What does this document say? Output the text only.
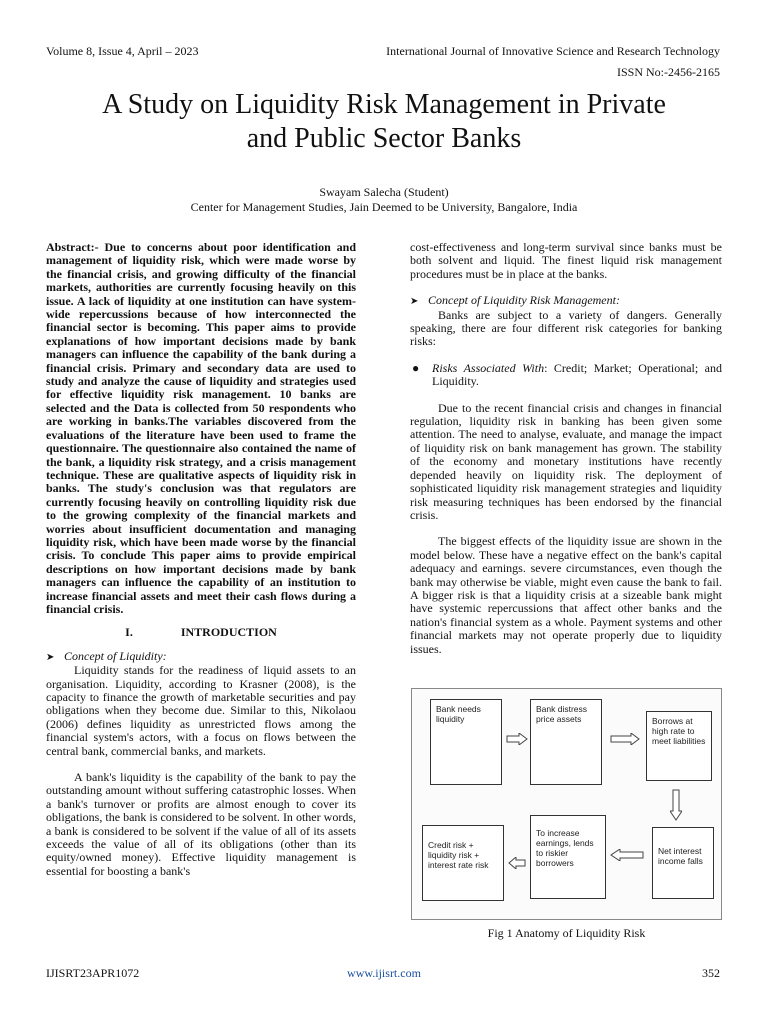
Volume 8, Issue 4, April – 2023	International Journal of Innovative Science and Research Technology
ISSN No:-2456-2165
A Study on Liquidity Risk Management in Private
and Public Sector Banks
Swayam Salecha (Student)
Center for Management Studies, Jain Deemed to be University, Bangalore, India

Abstract:- Due to concerns about poor identification and management of liquidity risk, which were made worse by the financial crisis, and growing difficulty of the financial markets, authorities are currently focusing heavily on this issue. A lack of liquidity at one institution can have system-wide repercussions because of how interconnected the financial sector is becoming. This paper aims to provide explanations of how important decisions made by bank managers can influence the capability of the bank during a financial crisis. Primary and secondary data are used to study and analyze the cause of liquidity and strategies used for effective liquidity risk management. 10 banks are selected and the Data is collected from 50 respondents who are working in banks.The variables discovered from the evaluations of the literature have been used to frame the questionnaire. The questionnaire also contained the name of the bank, a liquidity risk strategy, and a crisis management technique. These are qualitative aspects of liquidity risk in banks. The study's conclusion was that regulators are currently focusing heavily on controlling liquidity risk due to the growing complexity of the financial markets and worries about insufficient documentation and managing liquidity risk, which have been made worse by the financial crisis. To conclude This paper aims to provide empirical descriptions on how important decisions made by bank managers can influence the capability of an institution to increase financial assets and meet their cash flows during a financial crisis.

I.	INTRODUCTION
➤ Concept of Liquidity:

Liquidity stands for the readiness of liquid assets to an organisation. Liquidity, according to Krasner (2008), is the capacity to finance the growth of marketable securities and pay obligations when they become due. Similar to this, Nikolaou (2006) defines liquidity as unrestricted flows among the financial system's actors, with a focus on flows between the central bank, commercial banks, and markets.

A bank's liquidity is the capability of the bank to pay the outstanding amount without suffering catastrophic losses. When a bank's turnover or profits are almost enough to cover its obligations, the bank is considered to be solvent. In other words, a bank is considered to be solvent if the value of all of its assets exceeds the value of all of its obligations (other than its equity/owned money). Effective liquidity management is essential for boosting a bank's

cost-effectiveness and long-term survival since banks must be both solvent and liquid. The finest liquid risk management procedures must be in place at the banks.

➤ Concept of Liquidity Risk Management:

Banks are subject to a variety of dangers. Generally speaking, there are four different risk categories for banking risks:

●	Risks Associated With: Credit; Market; Operational; and Liquidity.

Due to the recent financial crisis and changes in financial regulation, liquidity risk in banking has been given some attention. The need to analyse, evaluate, and manage the impact of liquidity risk on bank management has grown. The stability of the economy and monetary institutions have recently depended heavily on liquidity risk. The deployment of sophisticated liquidity risk management strategies and liquidity risk measuring techniques has been endorsed by the financial crisis.

The biggest effects of the liquidity issue are shown in the model below. These have a negative effect on the bank's capital adequacy and earnings. severe circumstances, even though the bank may otherwise be viable, might even cause the bank to fail. A bigger risk is that a liquidity crisis at a sizeable bank might have systemic repercussions that affect other banks and the nation's financial system as a whole. Payment systems and other financial markets may not operate properly due to liquidity issues.

Bank needs liquidity
Bank distress price assets	Borrows at high rate to meet liabilities
Net interest income falls
To increase earnings, lends to riskier borrowers
Credit risk + liquidity risk + interest rate risk
Fig 1 Anatomy of Liquidity Risk
IJISRT23APR1072	www.ijisrt.com	352
